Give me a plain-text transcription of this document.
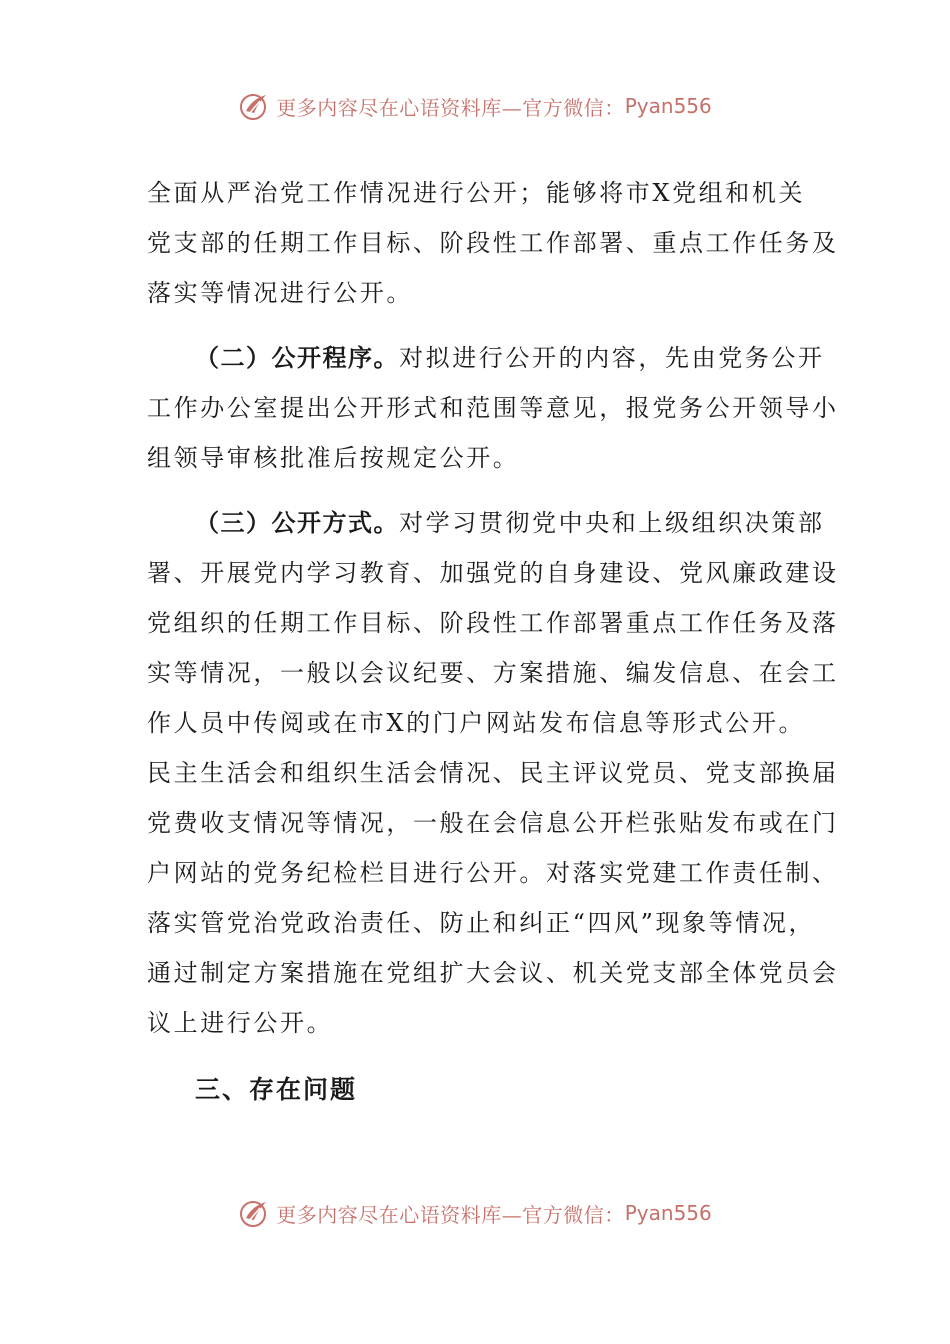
更多内容尽在心语资料库—官方微信： Pyan556

全面从严治党工作情况进行公开；能够将市X党组和机关
党支部的任期工作目标、阶段性工作部署、重点工作任务及
落实等情况进行公开。

（二）公开程序。对拟进行公开的内容，先由党务公开
工作办公室提出公开形式和范围等意见，报党务公开领导小
组领导审核批准后按规定公开。

（三）公开方式。对学习贯彻党中央和上级组织决策部
署、开展党内学习教育、加强党的自身建设、党风廉政建设
党组织的任期工作目标、阶段性工作部署重点工作任务及落
实等情况，一般以会议纪要、方案措施、编发信息、在会工
作人员中传阅或在市X的门户网站发布信息等形式公开。
民主生活会和组织生活会情况、民主评议党员、党支部换届
党费收支情况等情况，一般在会信息公开栏张贴发布或在门
户网站的党务纪检栏目进行公开。对落实党建工作责任制、
落实管党治党政治责任、防止和纠正“四风”现象等情况，
通过制定方案措施在党组扩大会议、机关党支部全体党员会
议上进行公开。

三、存在问题
更多内容尽在心语资料库—官方微信： Pyan556
